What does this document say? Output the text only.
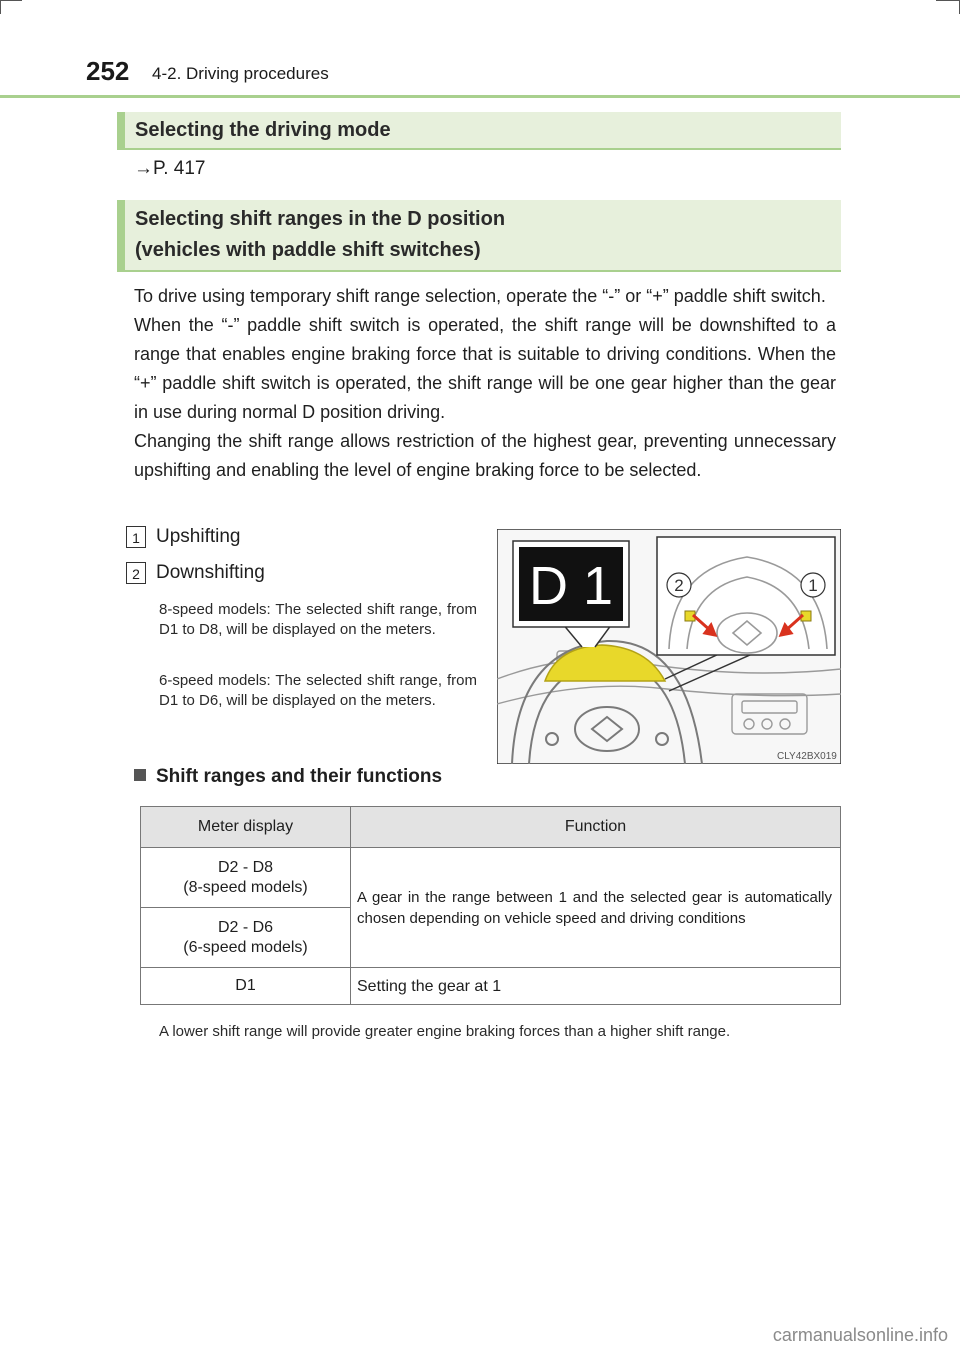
252 4-2. Driving procedures
Selecting the driving mode
→P. 417
Selecting shift ranges in the D position
(vehicles with paddle shift switches)

To drive using temporary shift range selection, operate the “-” or “+” paddle shift switch.

When the “-” paddle shift switch is operated, the shift range will be downshifted to a range that enables engine braking force that is suitable to driving conditions. When the “+” paddle shift switch is operated, the shift range will be one gear higher than the gear in use during normal D position driving.

Changing the shift range allows restriction of the highest gear, preventing unnecessary upshifting and enabling the level of engine braking force to be selected.

1 Upshifting
2 Downshifting
8-speed models: The selected shift range, from D1 to D8, will be displayed on the meters.
6-speed models: The selected shift range, from D1 to D6, will be displayed on the meters.
D 1	2	1
CLY42BX019
Shift ranges and their functions
Meter display	Function

D2 - D8
(8-speed models)	A gear in the range between 1 and the selected gear is automatically chosen depending on vehicle speed and driving conditions

D2 - D6
(6-speed models)	

D1	Setting the gear at 1
A lower shift range will provide greater engine braking forces than a higher shift range.
carmanualsonline.info
